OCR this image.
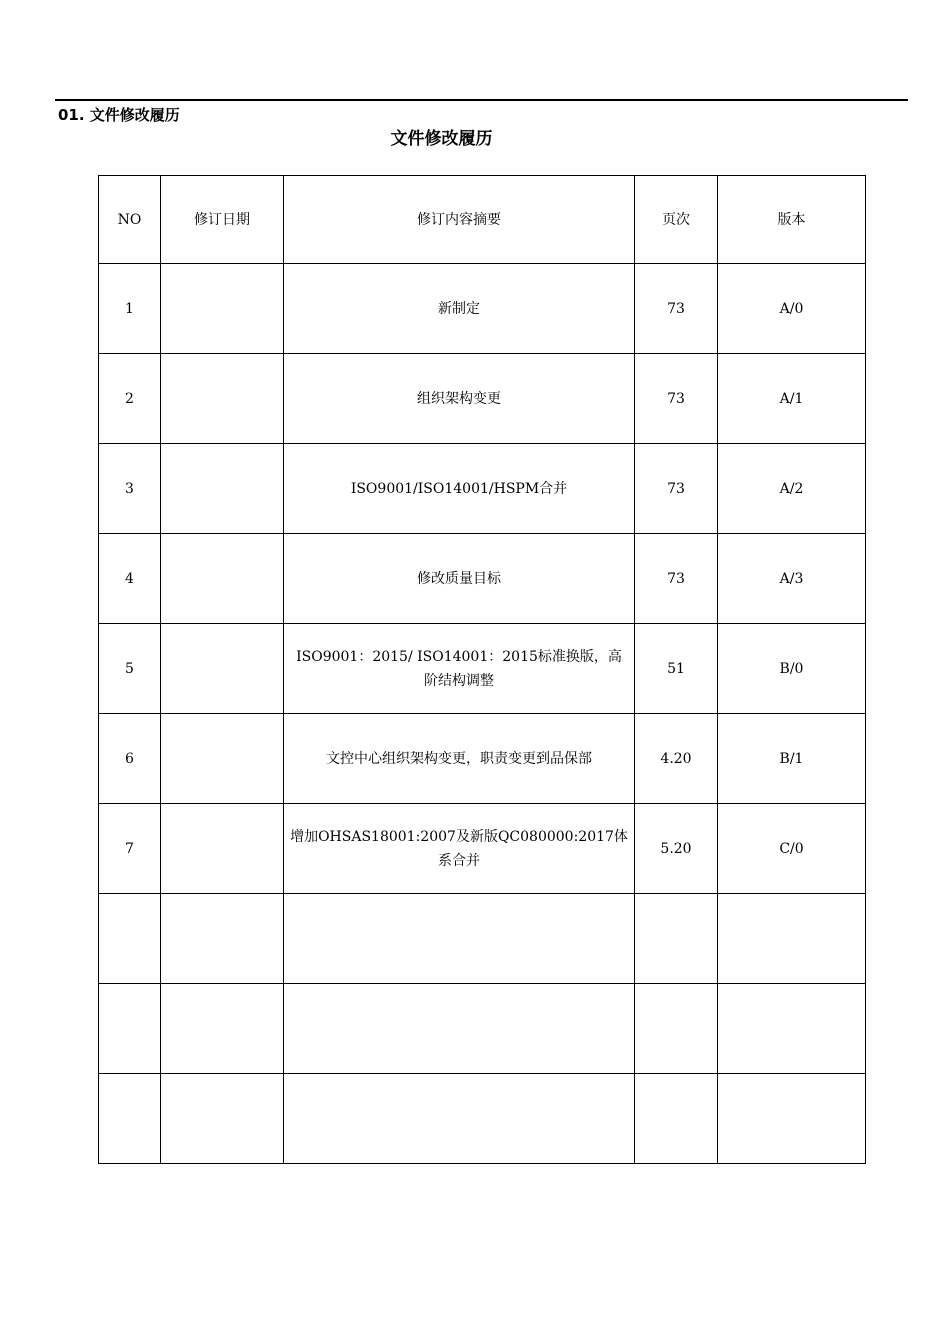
01. 文件修改履历
文件修改履历
NO	修订日期	修订内容摘要	页次	版本
1		新制定	73	A/0
2		组织架构变更	73	A/1
3		ISO9001/ISO14001/HSPM合并	73	A/2
4		修改质量目标	73	A/3
5		ISO9001：2015/ ISO14001：2015标准换版，高阶结构调整	51	B/0
6		文控中心组织架构变更，职责变更到品保部	4.20	B/1
7		增加OHSAS18001:2007及新版QC080000:2017体系合并	5.20	C/0
